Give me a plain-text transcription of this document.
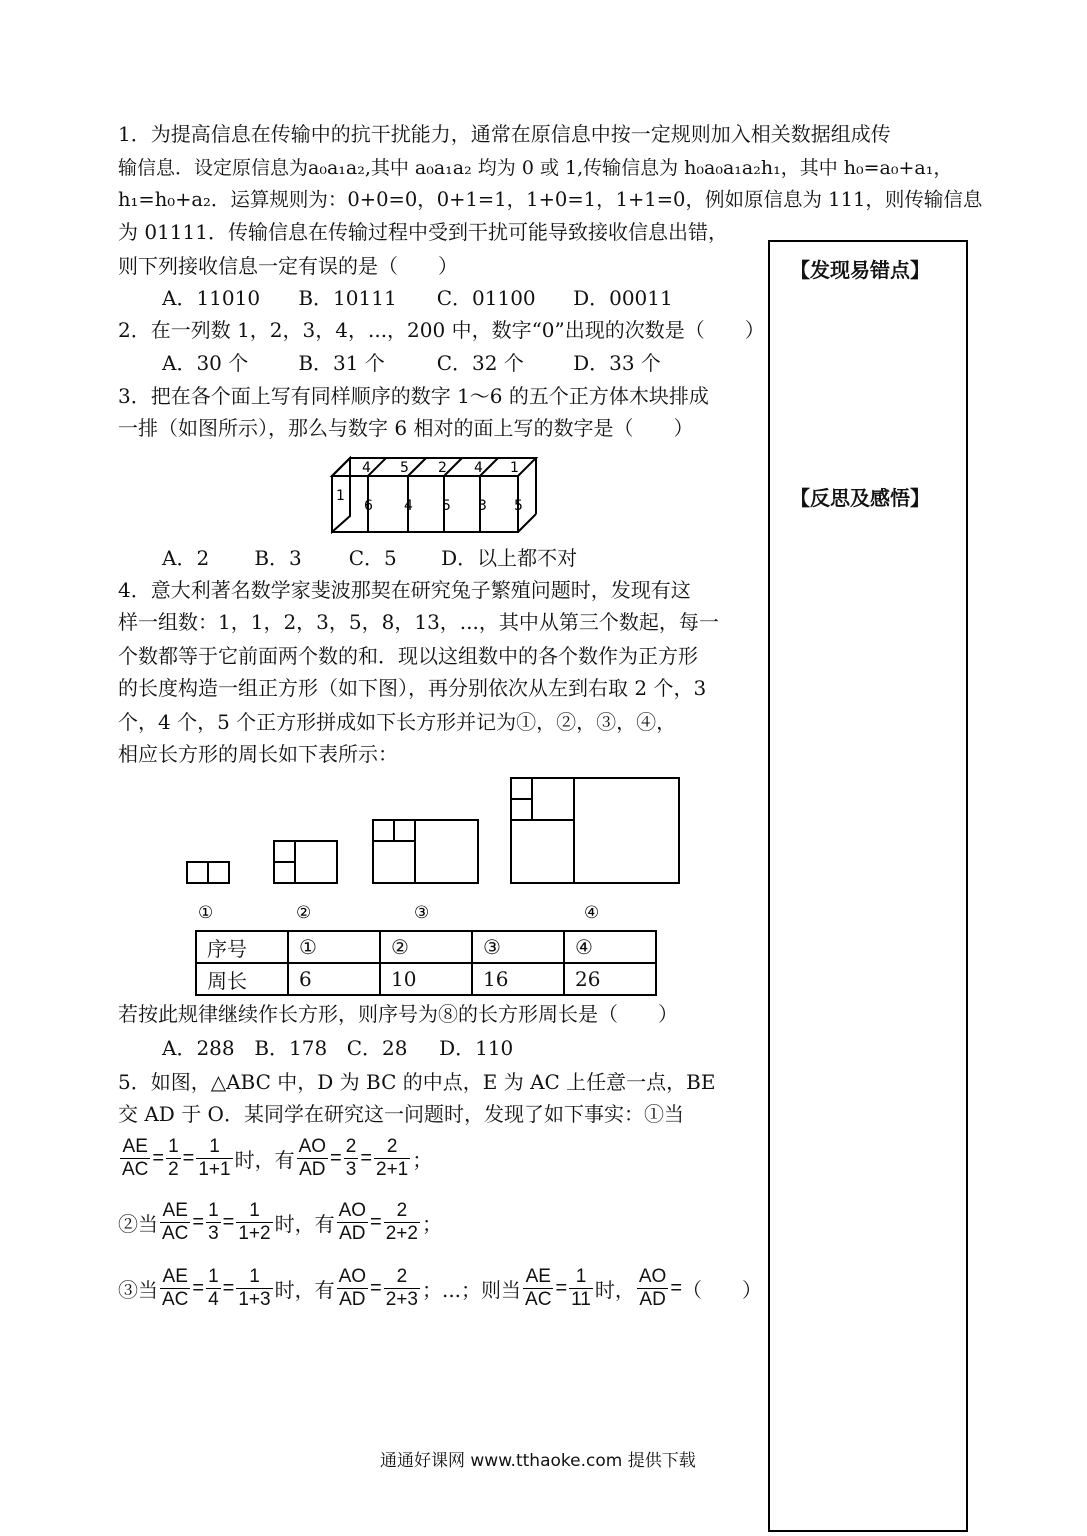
1．为提高信息在传输中的抗干扰能力，通常在原信息中按一定规则加入相关数据组成传
输信息．设定原信息为a₀a₁a₂,其中 a₀a₁a₂ 均为 0 或 1,传输信息为 h₀a₀a₁a₂h₁，其中 h₀=a₀+a₁，
h₁=h₀+a₂．运算规则为：0+0=0，0+1=1，1+0=1，1+1=0，例如原信息为 111，则传输信息
为 01111．传输信息在传输过程中受到干扰可能导致接收信息出错，
则下列接收信息一定有误的是（　　）
A．11010 B．10111 C．01100 D．00011
2．在一列数 1，2，3，4，...，200 中，数字“0”出现的次数是（　　）
A．30 个	B．31 个	C．32 个 D．33 个
3．把在各个面上写有同样顺序的数字 1～6 的五个正方体木块排成
一排（如图所示），那么与数字 6 相对的面上写的数字是（　　）
1
4 5 2 4 1
6 4 5 3 5
A．2 B．3 C．5 D．以上都不对
4．意大利著名数学家斐波那契在研究兔子繁殖问题时，发现有这
样一组数：1，1，2，3，5，8，13，...，其中从第三个数起，每一
个数都等于它前面两个数的和．现以这组数中的各个数作为正方形
的长度构造一组正方形（如下图），再分别依次从左到右取 2 个，3
个，4 个，5 个正方形拼成如下长方形并记为①，②，③，④，
相应长方形的周长如下表所示：
①	②	③	④
序号	①	②	③	④
周长	6	10	16	26
若按此规律继续作长方形，则序号为⑧的长方形周长是（　　）
A．288 B．178 C．28 D．110
5．如图，△ABC 中，D 为 BC 的中点，E 为 AC 上任意一点，BE
交 AD 于 O．某同学在研究这一问题时，发现了如下事实：①当
$\frac{AE}{AC} = \frac{1}{2} = \frac{1}{1+1}$ 时，有 $\frac{AO}{AD} = \frac{2}{3} = \frac{2}{2+1}$ ；
②当 $\frac{AE}{AC} = \frac{1}{3} = \frac{1}{1+2}$ 时，有 $\frac{AO}{AD} = \frac{2}{2+2}$ ；
③当 $\frac{AE}{AC} = \frac{1}{4} = \frac{1}{1+3}$ 时，有 $\frac{AO}{AD} = \frac{2}{2+3}$ ；...；则当 $\frac{AE}{AC} = \frac{1}{11}$ 时， $\frac{AO}{AD}$ =（　　）
【发现易错点】
【反思及感悟】
通通好课网 www.tthaoke.com 提供下载
